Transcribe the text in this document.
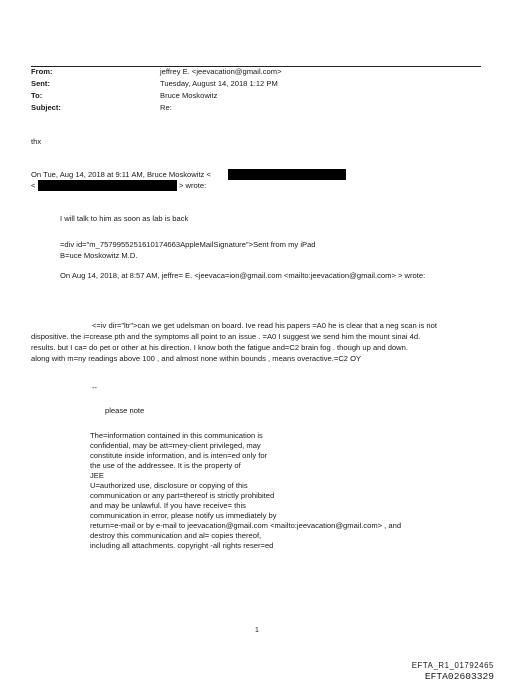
From:	jeffrey E. <jeevacation@gmail.com>
Sent:	Tuesday, August 14, 2018 1:12 PM
To:	Bruce Moskowitz
Subject:	Re:
thx
On Tue, Aug 14, 2018 at 9:11 AM, Bruce Moskowitz <
<	> wrote:
I will talk to him as soon as lab is back
=div id="m_7579955251610174663AppleMailSignature">Sent from my iPad
B=uce Moskowitz M.D.
On Aug 14, 2018, at 8:57 AM, jeffre= E. <jeevaca=ion@gmail.com <mailto:jeevacation@gmail.com> > wrote:
<=iv dir="ltr">can we get udelsman on board. Ive read his papers =A0 he is clear that a neg scan is not
dispositive. the i=crease pth and the symptoms all point to an issue . =A0 I suggest we send him the mount sinai 4d.
results. but I ca= do pet or other at his direction. I know both the fatigue and=C2 brain fog . though up and down.
along with m=ny readings above 100 , and almost none within bounds , means overactive.=C2 OY
--
please note
The=information contained in this communication is
confidential, may be att=rney-client privileged, may
constitute inside information, and is inten=ed only for
the use of the addressee. It is the property of
JEE
U=authorized use, disclosure or copying of this
communication or any part=thereof is strictly prohibited
and may be unlawful. If you have receive= this
communication in error, please notify us immediately by
return=e-mail or by e-mail to jeevacation@gmail.com <mailto:jeevacation@gmail.com> , and
destroy this communication and al= copies thereof,
including all attachments. copyright -all rights reser=ed
1
EFTA_R1_01792465
EFTA02603329
